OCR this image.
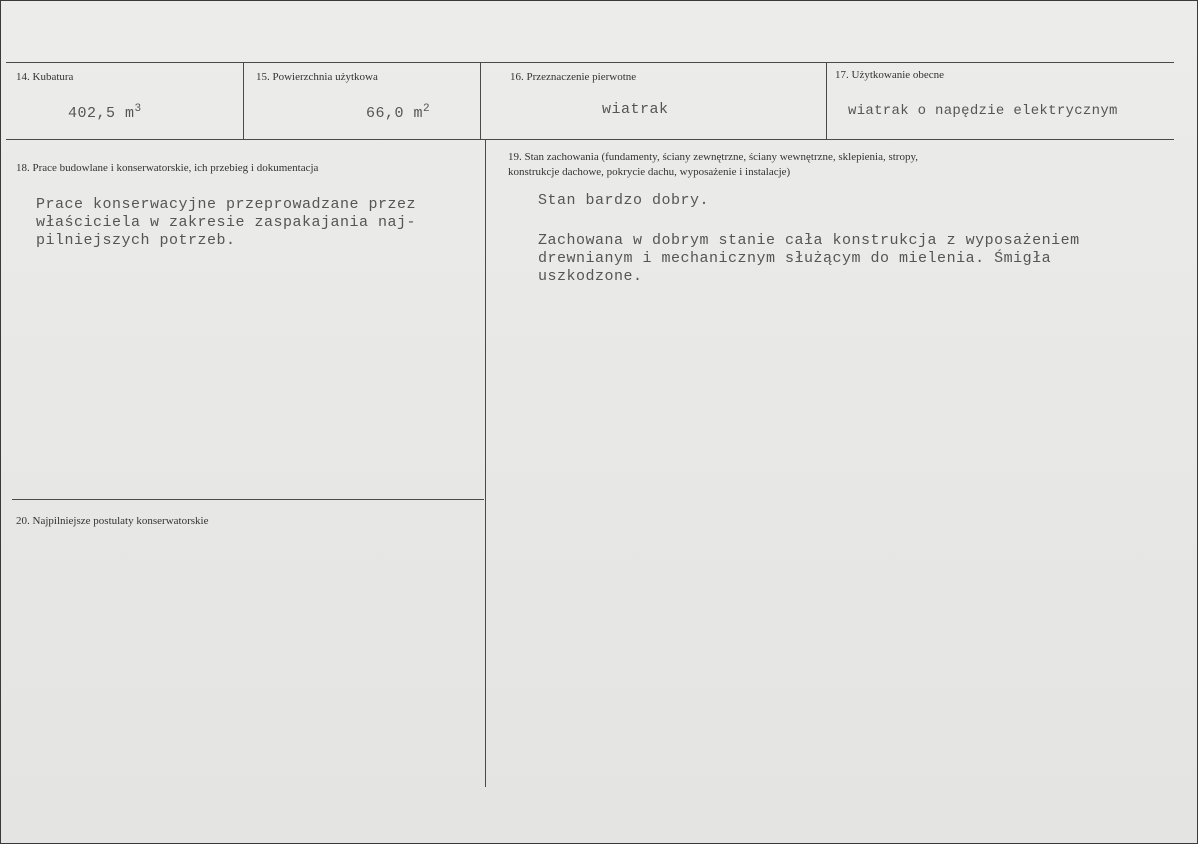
14. Kubatura
402,5 $m^3$
15. Powierzchnia użytkowa
66,0 $m^2$
16. Przeznaczenie pierwotne
wiatrak
17. Użytkowanie obecne
wiatrak o napędzie elektrycznym
18. Prace budowlane i konserwatorskie, ich przebieg i dokumentacja
Prace konserwacyjne przeprowadzane przez
właściciela w zakresie zaspakajania naj-
pilniejszych potrzeb.
19. Stan zachowania (fundamenty, ściany zewnętrzne, ściany wewnętrzne, sklepienia, stropy,
konstrukcje dachowe, pokrycie dachu, wyposażenie i instalacje)
Stan bardzo dobry.
Zachowana w dobrym stanie cała konstrukcja z wyposażeniem
drewnianym i mechanicznym służącym do mielenia. Śmigła
uszkodzone.
20. Najpilniejsze postulaty konserwatorskie
